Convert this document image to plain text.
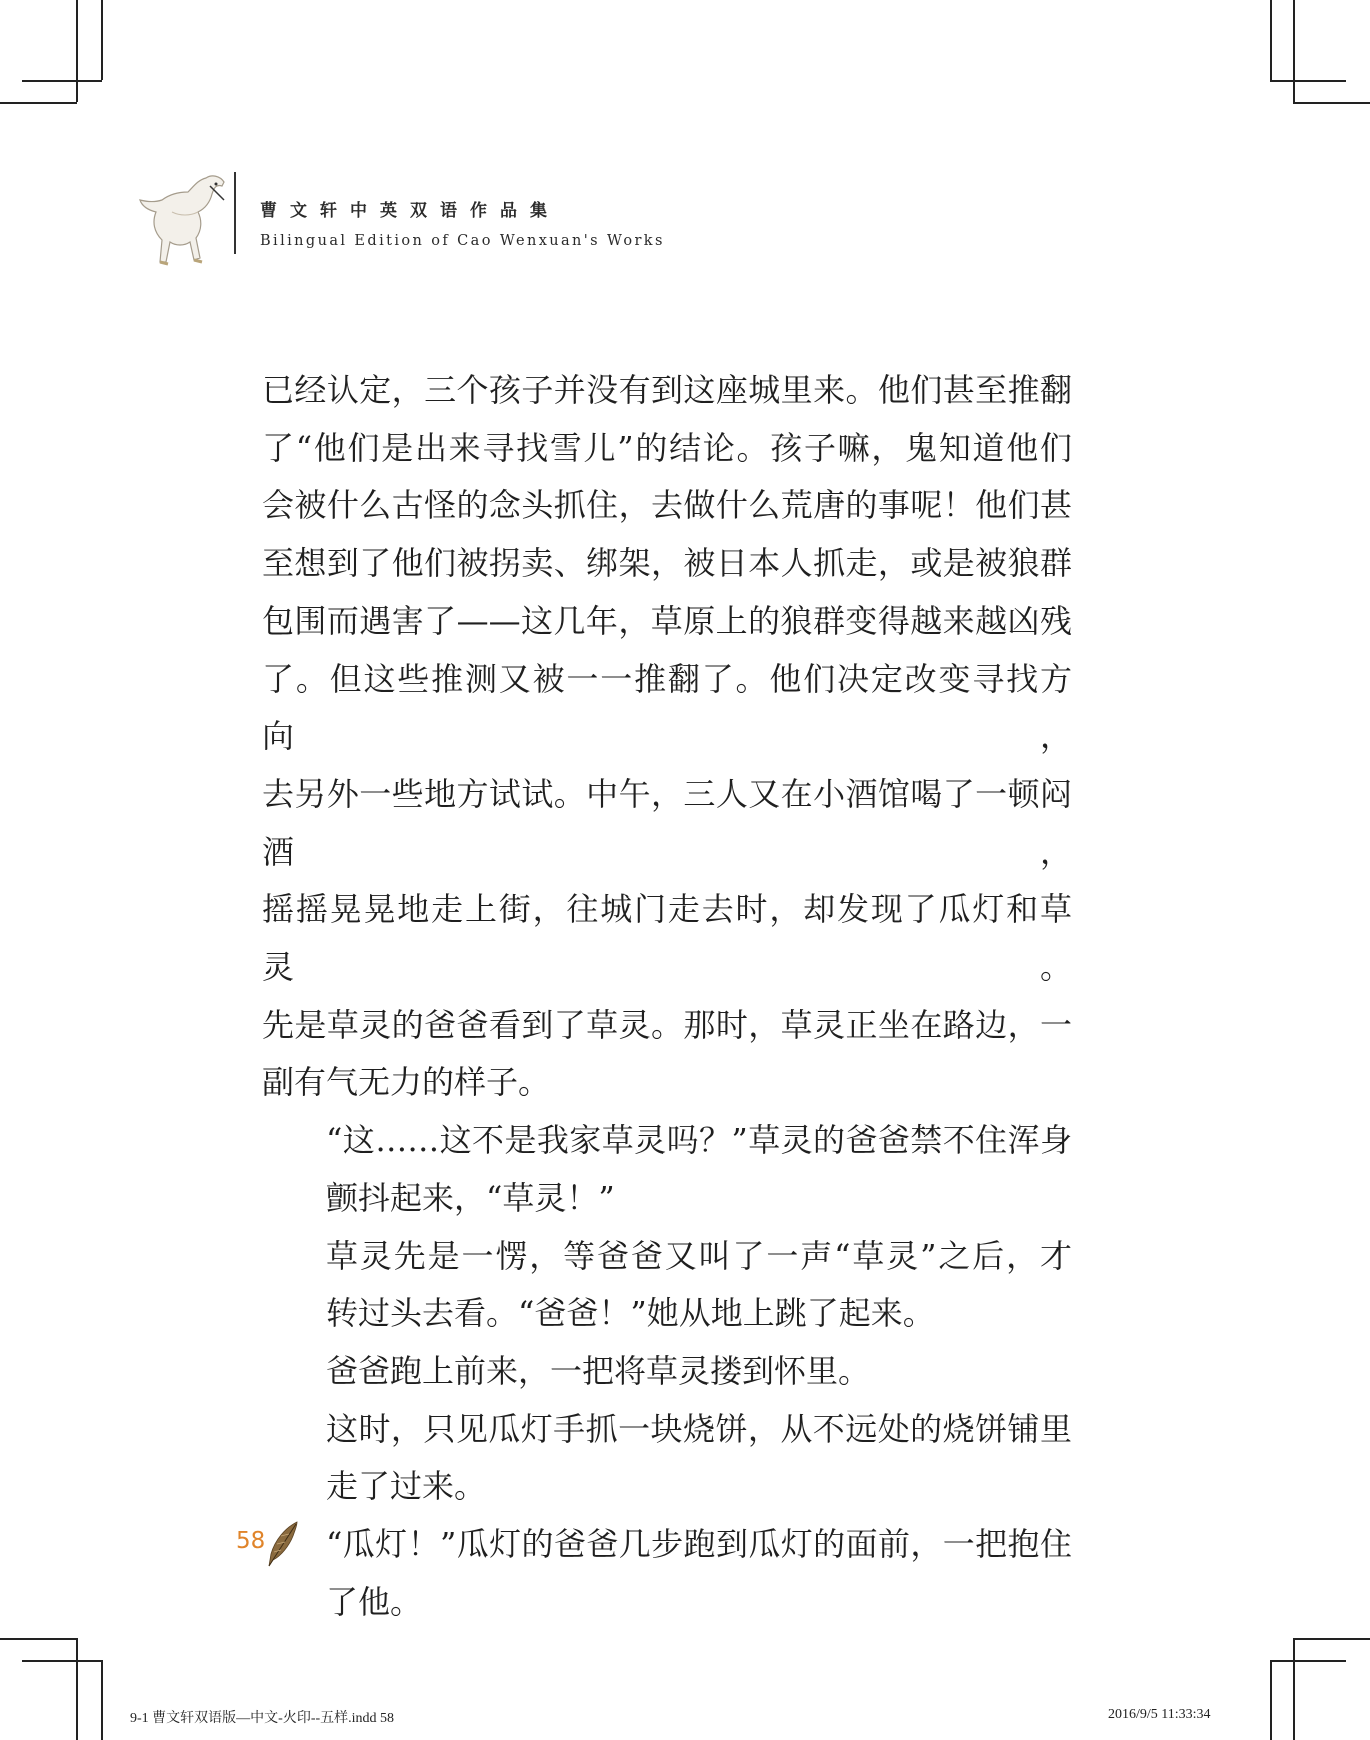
曹文轩中英双语作品集
Bilingual Edition of Cao Wenxuan's Works

已经认定，三个孩子并没有到这座城里来。他们甚至推翻
了“他们是出来寻找雪儿”的结论。孩子嘛，鬼知道他们
会被什么古怪的念头抓住，去做什么荒唐的事呢！他们甚
至想到了他们被拐卖、绑架，被日本人抓走，或是被狼群
包围而遇害了——这几年，草原上的狼群变得越来越凶残
了。但这些推测又被一一推翻了。他们决定改变寻找方向，
去另外一些地方试试。中午，三人又在小酒馆喝了一顿闷酒，
摇摇晃晃地走上街，往城门走去时，却发现了瓜灯和草灵。
先是草灵的爸爸看到了草灵。那时，草灵正坐在路边，一
副有气无力的样子。

“这……这不是我家草灵吗？”草灵的爸爸禁不住浑身
颤抖起来，“草灵！”

草灵先是一愣，等爸爸又叫了一声“草灵”之后，才
转过头去看。“爸爸！”她从地上跳了起来。

爸爸跑上前来，一把将草灵搂到怀里。

这时，只见瓜灯手抓一块烧饼，从不远处的烧饼铺里
走了过来。

“瓜灯！”瓜灯的爸爸几步跑到瓜灯的面前，一把抱住
了他。

58
9-1 曹文轩双语版—中文-火印--五样.indd 58	2016/9/5 11:33:34
